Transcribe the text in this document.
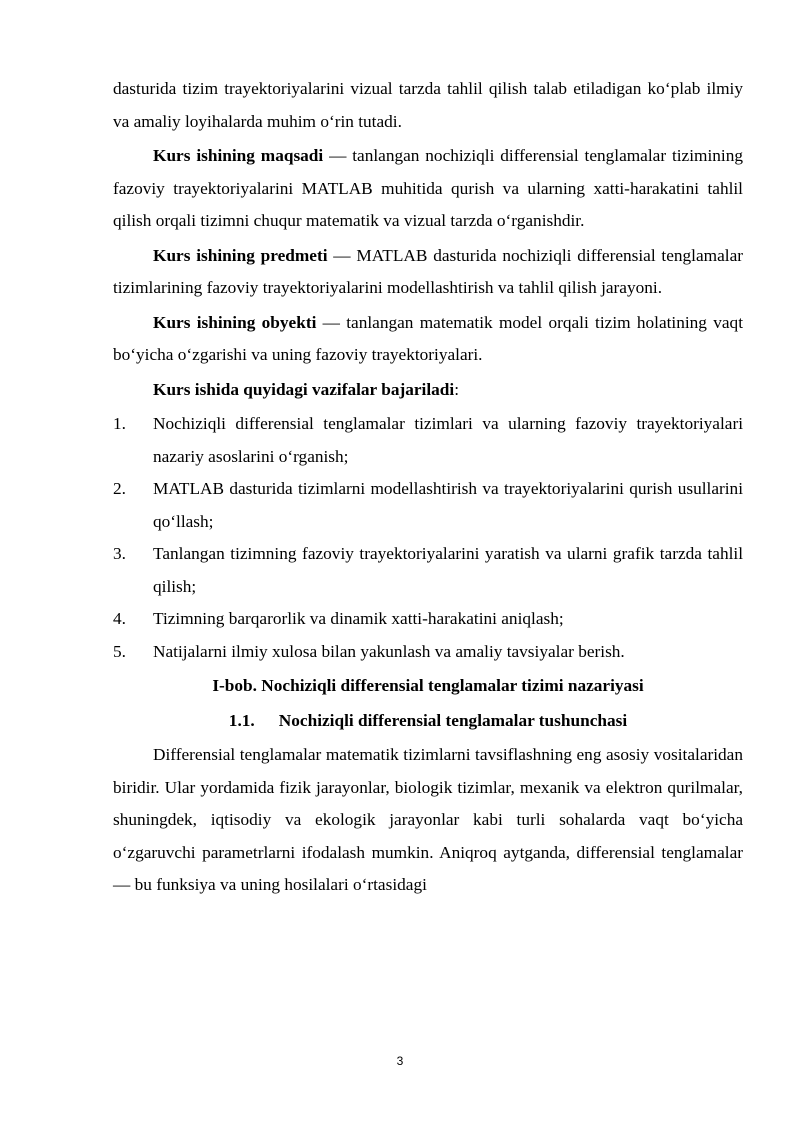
dasturida tizim trayektoriyalarini vizual tarzda tahlil qilish talab etiladigan ko‘plab ilmiy va amaliy loyihalarda muhim o‘rin tutadi.

Kurs ishining maqsadi — tanlangan nochiziqli differensial tenglamalar tizimining fazoviy trayektoriyalarini MATLAB muhitida qurish va ularning xatti-harakatini tahlil qilish orqali tizimni chuqur matematik va vizual tarzda o‘rganishdir.

Kurs ishining predmeti — MATLAB dasturida nochiziqli differensial tenglamalar tizimlarining fazoviy trayektoriyalarini modellashtirish va tahlil qilish jarayoni.

Kurs ishining obyekti — tanlangan matematik model orqali tizim holatining vaqt bo‘yicha o‘zgarishi va uning fazoviy trayektoriyalari.

Kurs ishida quyidagi vazifalar bajariladi:

1. Nochiziqli differensial tenglamalar tizimlari va ularning fazoviy trayektoriyalari nazariy asoslarini o‘rganish;
2. MATLAB dasturida tizimlarni modellashtirish va trayektoriyalarini qurish usullarini qo‘llash;
3. Tanlangan tizimning fazoviy trayektoriyalarini yaratish va ularni grafik tarzda tahlil qilish;
4. Tizimning barqarorlik va dinamik xatti-harakatini aniqlash;
5. Natijalarni ilmiy xulosa bilan yakunlash va amaliy tavsiyalar berish.

I-bob. Nochiziqli differensial tenglamalar tizimi nazariyasi

1.1. Nochiziqli differensial tenglamalar tushunchasi

Differensial tenglamalar matematik tizimlarni tavsiflashning eng asosiy vositalaridan biridir. Ular yordamida fizik jarayonlar, biologik tizimlar, mexanik va elektron qurilmalar, shuningdek, iqtisodiy va ekologik jarayonlar kabi turli sohalarda vaqt bo‘yicha o‘zgaruvchi parametrlarni ifodalash mumkin. Aniqroq aytganda, differensial tenglamalar — bu funksiya va uning hosilalari o‘rtasidagi

3
